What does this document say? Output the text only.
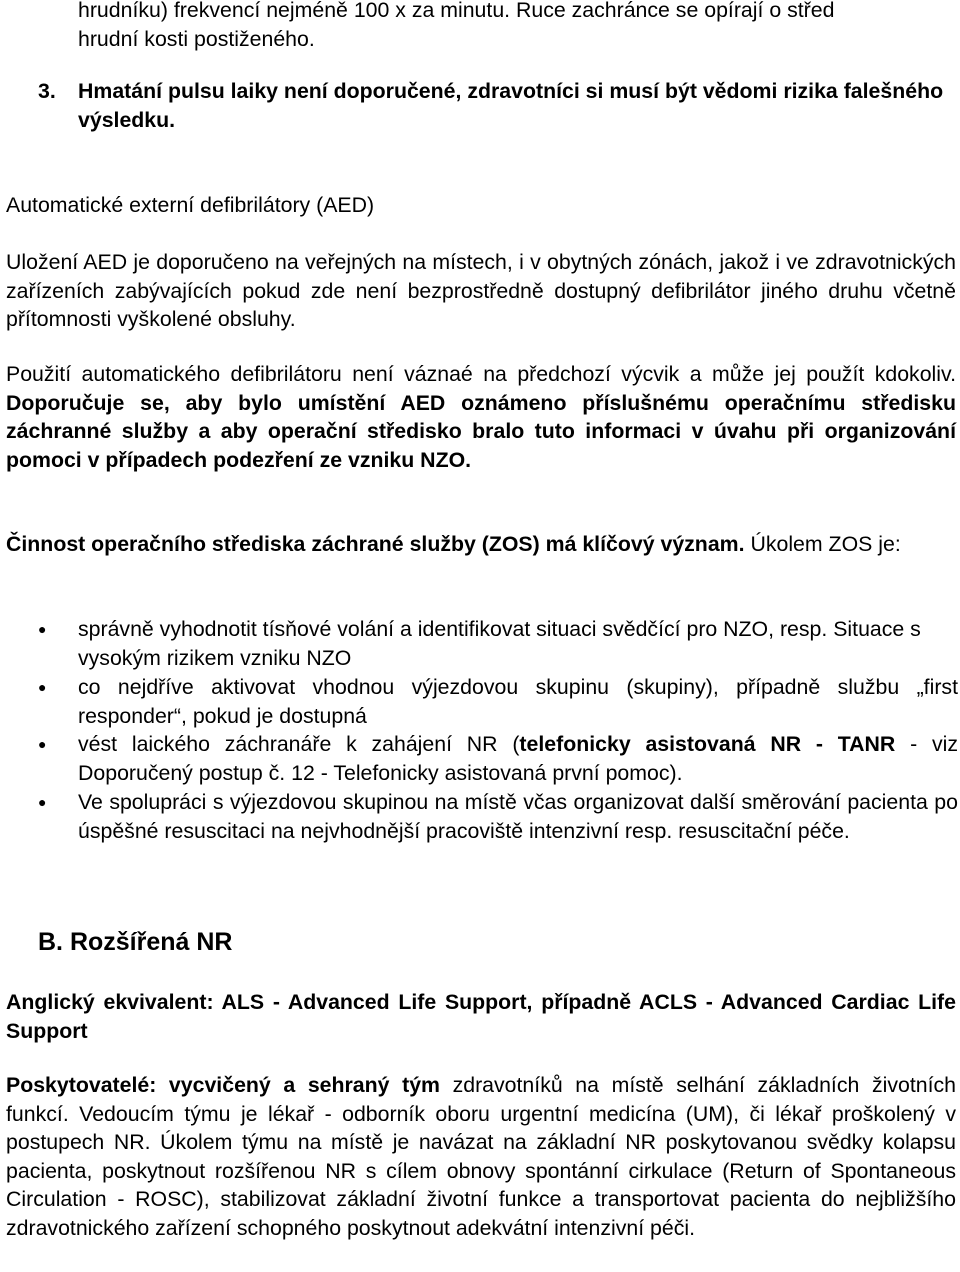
hrudníku) frekvencí nejméně 100 x za minutu. Ruce zachránce se opírají o střed
hrudní kosti postiženého.
3. Hmatání pulsu laiky není doporučené, zdravotníci si musí být vědomi rizika falešného výsledku.
Automatické externí defibrilátory (AED)
Uložení AED je doporučeno na veřejných na místech, i v obytných zónách, jakož i ve zdravotnických zařízeních zabývajících pokud zde není bezprostředně dostupný defibrilátor jiného druhu včetně přítomnosti vyškolené obsluhy.
Použití automatického defibrilátoru není váznaé na předchozí výcvik a může jej použít kdokoliv. Doporučuje se, aby bylo umístění AED oznámeno příslušnému operačnímu středisku záchranné služby a aby operační středisko bralo tuto informaci v úvahu při organizování pomoci v případech podezření ze vzniku NZO.
Činnost operačního střediska záchrané služby (ZOS) má klíčový význam. Úkolem ZOS je:
● správně vyhodnotit tísňové volání a identifikovat situaci svědčící pro NZO, resp. Situace s vysokým rizikem vzniku NZO
● co nejdříve aktivovat vhodnou výjezdovou skupinu (skupiny), případně službu „first responder“, pokud je dostupná
● vést laického záchranáře k zahájení NR (telefonicky asistovaná NR - TANR - viz Doporučený postup č. 12 - Telefonicky asistovaná první pomoc).
● Ve spolupráci s výjezdovou skupinou na místě včas organizovat další směrování pacienta po úspěšné resuscitaci na nejvhodnější pracoviště intenzivní resp. resuscitační péče.
B. Rozšířená NR
Anglický ekvivalent: ALS - Advanced Life Support, případně ACLS - Advanced Cardiac Life Support
Poskytovatelé: vycvičený a sehraný tým zdravotníků na místě selhání základních životních funkcí. Vedoucím týmu je lékař - odborník oboru urgentní medicína (UM), či lékař proškolený v postupech NR. Úkolem týmu na místě je navázat na základní NR poskytovanou svědky kolapsu pacienta, poskytnout rozšířenou NR s cílem obnovy spontánní cirkulace (Return of Spontaneous Circulation - ROSC), stabilizovat základní životní funkce a transportovat pacienta do nejbližšího zdravotnického zařízení schopného poskytnout adekvátní intenzivní péči.
